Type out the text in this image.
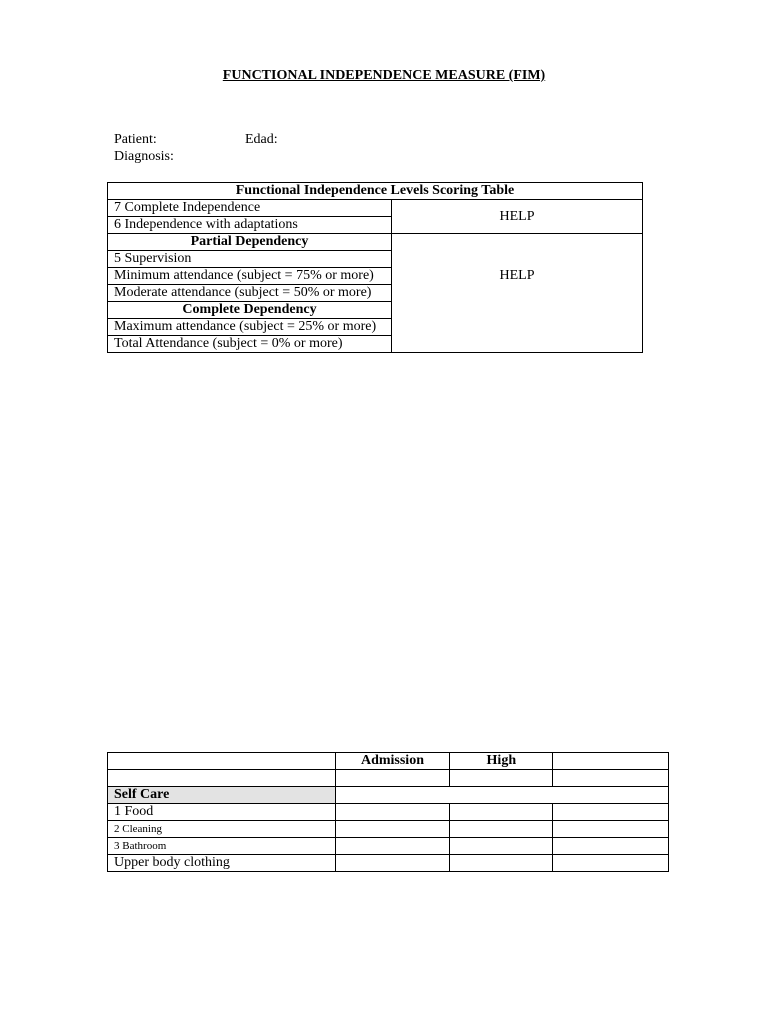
FUNCTIONAL INDEPENDENCE MEASURE (FIM)
Patient:	Edad:
Diagnosis:
Functional Independence Levels Scoring Table	
7 Complete Independence	HELP
6 Independence with adaptations	
Partial Dependency	HELP
5 Supervision	
Minimum attendance (subject = 75% or more)	
Moderate attendance (subject = 50% or more)	
Complete Dependency	
Maximum attendance (subject = 25% or more)	
Total Attendance (subject = 0% or more)	
	Admission	High	

Self Care			
1 Food			
2 Cleaning			
3 Bathroom			
Upper body clothing			
